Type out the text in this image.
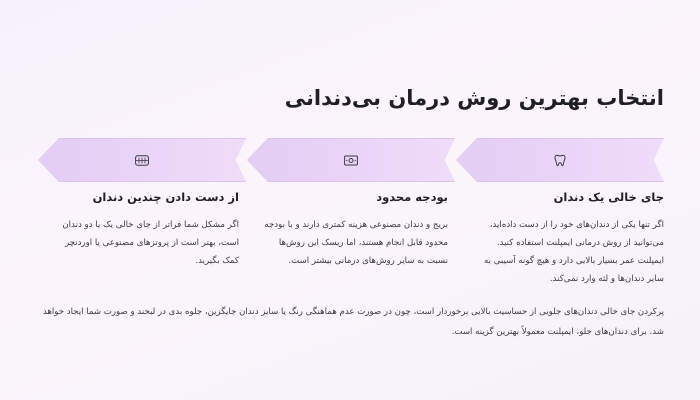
انتخاب بهترین روش درمان بی‌دندانی
جای خالی یک دندان

اگر تنها یکی از دندان‌های خود را از دست داده‌اید، می‌توانید از روش درمانی ایمپلنت استفاده کنید. ایمپلنت عمر بسیار بالایی دارد و هیچ گونه آسیبی به سایر دندان‌ها و لثه وارد نمی‌کند.

بودجه محدود

بریج و دندان مصنوعی هزینه کمتری دارند و با بودجه محدود قابل انجام هستند، اما ریسک این روش‌ها نسبت به سایر روش‌های درمانی بیشتر است.

از دست دادن چندین دندان

اگر مشکل شما فراتر از جای خالی یک یا دو دندان است، بهتر است از پروتزهای مصنوعی یا اوردنچر کمک بگیرید.

پرکردن جای خالی دندان‌های جلویی از حساسیت بالایی برخوردار است، چون در صورت عدم هماهنگی رنگ یا سایز دندان جایگزین، جلوه بدی در لبخند و صورت شما ایجاد خواهد شد. برای دندان‌های جلو، ایمپلنت معمولاً بهترین گزینه است.
